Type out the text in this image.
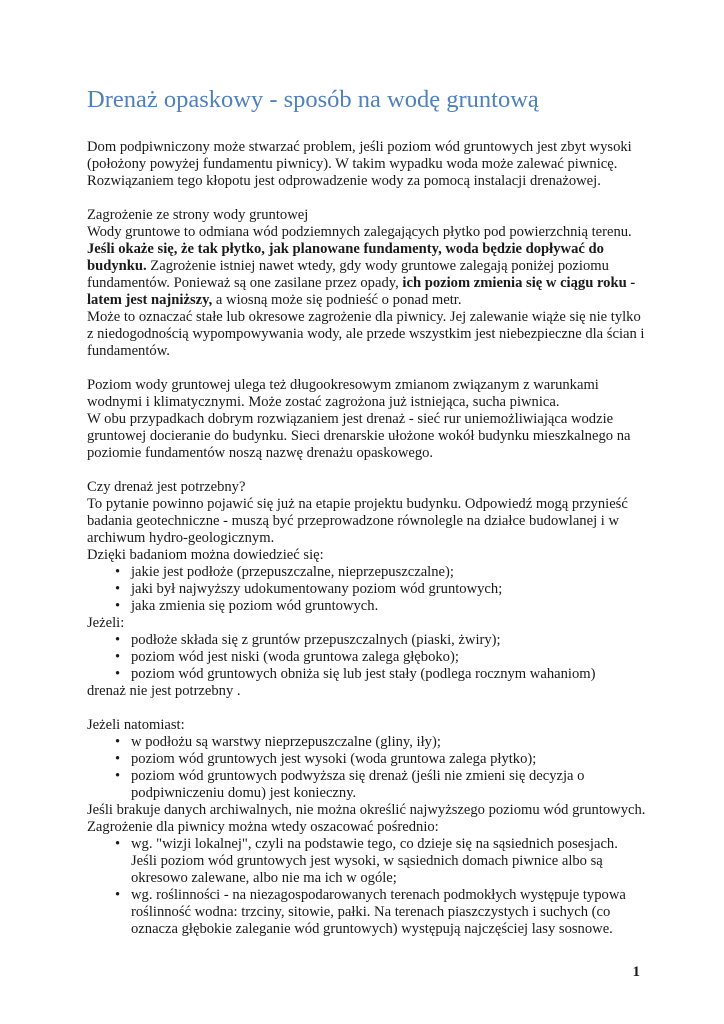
Drenaż opaskowy - sposób na wodę gruntową

Dom podpiwniczony może stwarzać problem, jeśli poziom wód gruntowych jest zbyt wysoki (położony powyżej fundamentu piwnicy). W takim wypadku woda może zalewać piwnicę. Rozwiązaniem tego kłopotu jest odprowadzenie wody za pomocą instalacji drenażowej.

Zagrożenie ze strony wody gruntowej

Wody gruntowe to odmiana wód podziemnych zalegających płytko pod powierzchnią terenu. Jeśli okaże się, że tak płytko, jak planowane fundamenty, woda będzie dopływać do budynku. Zagrożenie istniej nawet wtedy, gdy wody gruntowe zalegają poniżej poziomu fundamentów. Ponieważ są one zasilane przez opady, ich poziom zmienia się w ciągu roku - latem jest najniższy, a wiosną może się podnieść o ponad metr.

Może to oznaczać stałe lub okresowe zagrożenie dla piwnicy. Jej zalewanie wiąże się nie tylko z niedogodnością wypompowywania wody, ale przede wszystkim jest niebezpieczne dla ścian i fundamentów.

Poziom wody gruntowej ulega też długookresowym zmianom związanym z warunkami wodnymi i klimatycznymi. Może zostać zagrożona już istniejąca, sucha piwnica.

W obu przypadkach dobrym rozwiązaniem jest drenaż - sieć rur uniemożliwiająca wodzie gruntowej docieranie do budynku. Sieci drenarskie ułożone wokół budynku mieszkalnego na poziomie fundamentów noszą nazwę drenażu opaskowego.

Czy drenaż jest potrzebny?

To pytanie powinno pojawić się już na etapie projektu budynku. Odpowiedź mogą przynieść badania geotechniczne - muszą być przeprowadzone równolegle na działce budowlanej i w archiwum hydro-geologicznym.

Dzięki badaniom można dowiedzieć się:

• jakie jest podłoże (przepuszczalne, nieprzepuszczalne);
• jaki był najwyższy udokumentowany poziom wód gruntowych;
• jaka zmienia się poziom wód gruntowych.

Jeżeli:

• podłoże składa się z gruntów przepuszczalnych (piaski, żwiry);
• poziom wód jest niski (woda gruntowa zalega głęboko);
• poziom wód gruntowych obniża się lub jest stały (podlega rocznym wahaniom)

drenaż nie jest potrzebny .

Jeżeli natomiast:

• w podłożu są warstwy nieprzepuszczalne (gliny, iły);
• poziom wód gruntowych jest wysoki (woda gruntowa zalega płytko);
• poziom wód gruntowych podwyższa się drenaż (jeśli nie zmieni się decyzja o podpiwniczeniu domu) jest konieczny.

Jeśli brakuje danych archiwalnych, nie można określić najwyższego poziomu wód gruntowych. Zagrożenie dla piwnicy można wtedy oszacować pośrednio:

• wg. "wizji lokalnej", czyli na podstawie tego, co dzieje się na sąsiednich posesjach. Jeśli poziom wód gruntowych jest wysoki, w sąsiednich domach piwnice albo są okresowo zalewane, albo nie ma ich w ogóle;
• wg. roślinności - na niezagospodarowanych terenach podmokłych występuje typowa roślinność wodna: trzciny, sitowie, pałki. Na terenach piaszczystych i suchych (co oznacza głębokie zaleganie wód gruntowych) występują najczęściej lasy sosnowe.
1
